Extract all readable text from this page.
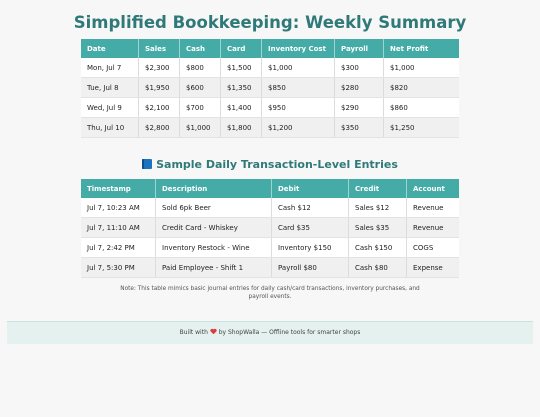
Simplified Bookkeeping: Weekly Summary
Date	Sales	Cash	Card	Inventory Cost	Payroll	Net Profit
Mon, Jul 7	$2,300	$800	$1,500	$1,000	$300	$1,000
Tue, Jul 8	$1,950	$600	$1,350	$850	$280	$820
Wed, Jul 9	$2,100	$700	$1,400	$950	$290	$860
Thu, Jul 10	$2,800	$1,000	$1,800	$1,200	$350	$1,250
Sample Daily Transaction-Level Entries
Timestamp	Description	Debit	Credit	Account
Jul 7, 10:23 AM	Sold 6pk Beer	Cash $12	Sales $12	Revenue
Jul 7, 11:10 AM	Credit Card - Whiskey	Card $35	Sales $35	Revenue
Jul 7, 2:42 PM	Inventory Restock - Wine	Inventory $150	Cash $150	COGS
Jul 7, 5:30 PM	Paid Employee - Shift 1	Payroll $80	Cash $80	Expense
Note: This table mimics basic journal entries for daily cash/card transactions, inventory purchases, and payroll events.
Built with by ShopWalla — Offline tools for smarter shops
